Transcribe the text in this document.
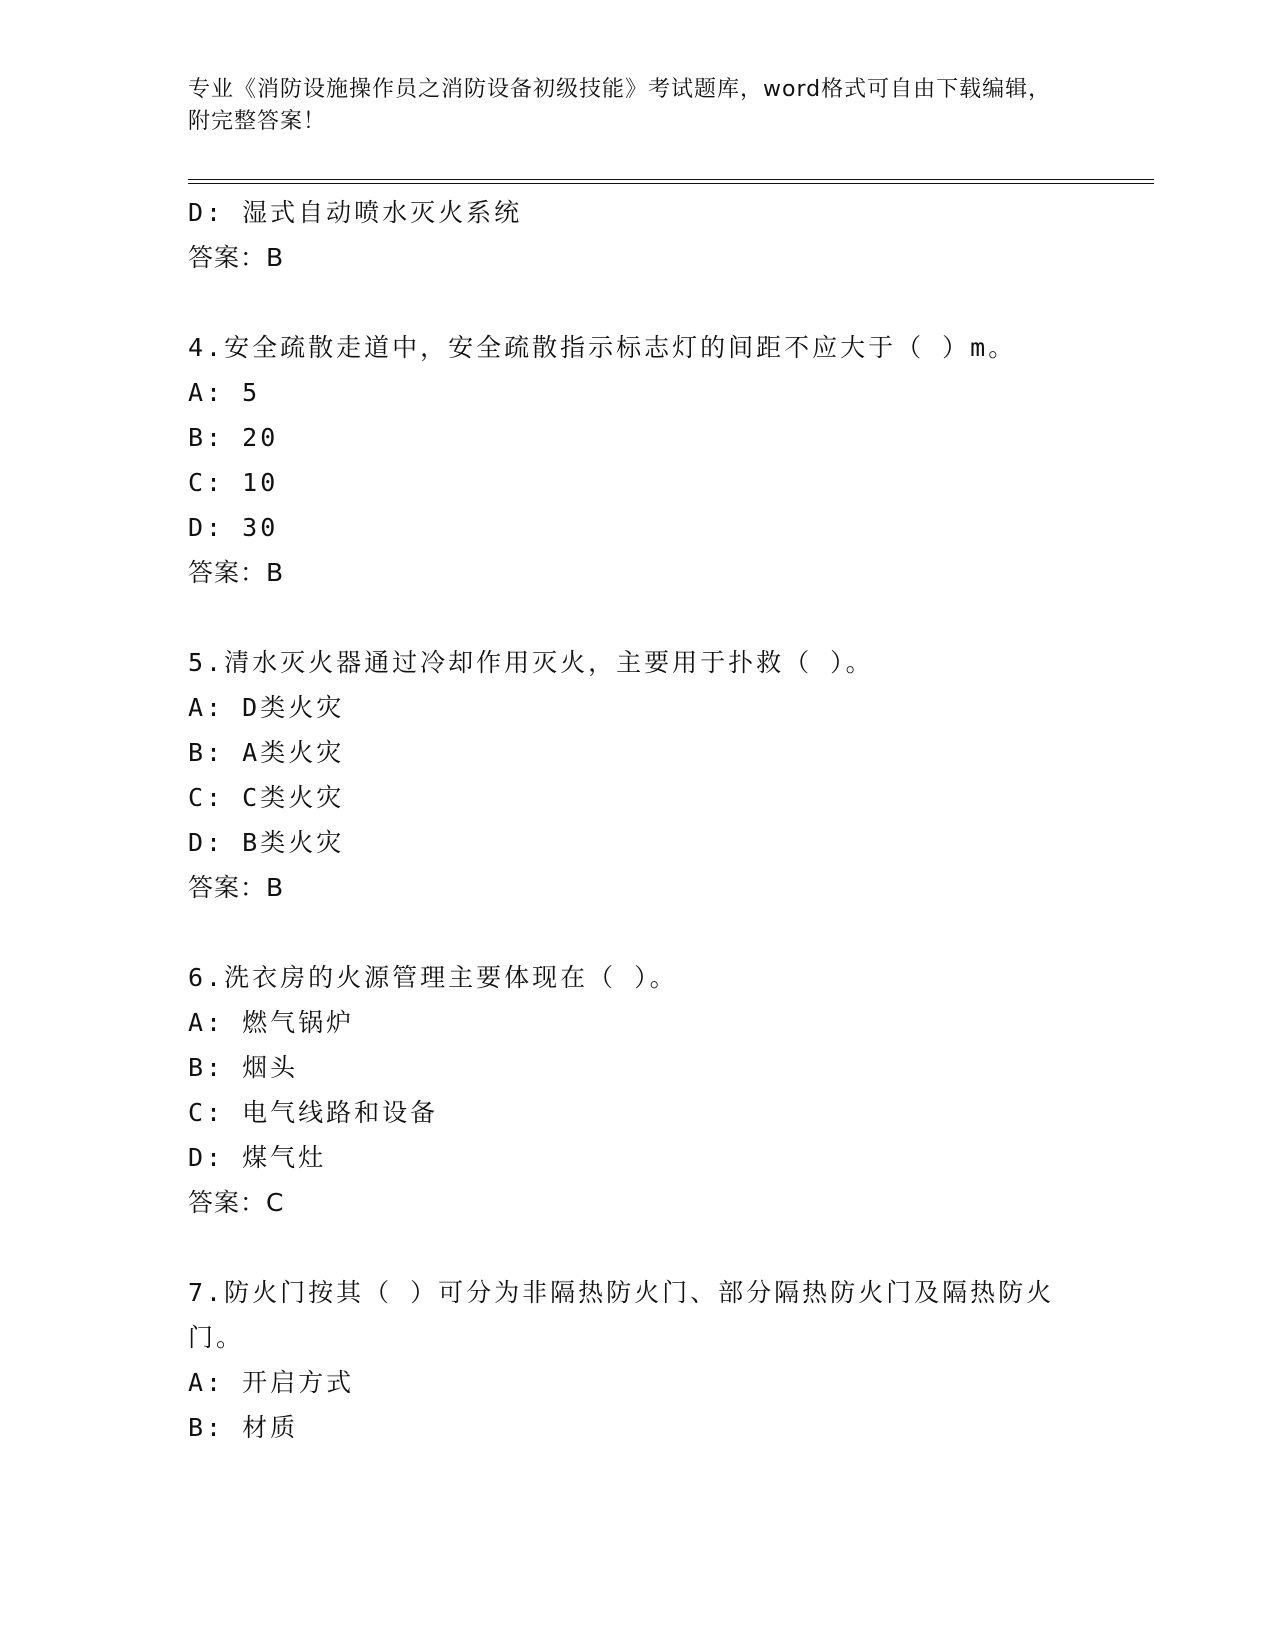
专业《消防设施操作员之消防设备初级技能》考试题库，word格式可自由下载编辑，附完整答案！
D: 湿式自动喷水灭火系统
答案：B
4.安全疏散走道中，安全疏散指示标志灯的间距不应大于（ ）m。
A: 5
B: 20
C: 10
D: 30
答案：B
5.清水灭火器通过冷却作用灭火，主要用于扑救（ ）。
A: D类火灾
B: A类火灾
C: C类火灾
D: B类火灾
答案：B
6.洗衣房的火源管理主要体现在（ ）。
A: 燃气锅炉
B: 烟头
C: 电气线路和设备
D: 煤气灶
答案：C
7.防火门按其（ ）可分为非隔热防火门、部分隔热防火门及隔热防火门。
A: 开启方式
B: 材质
